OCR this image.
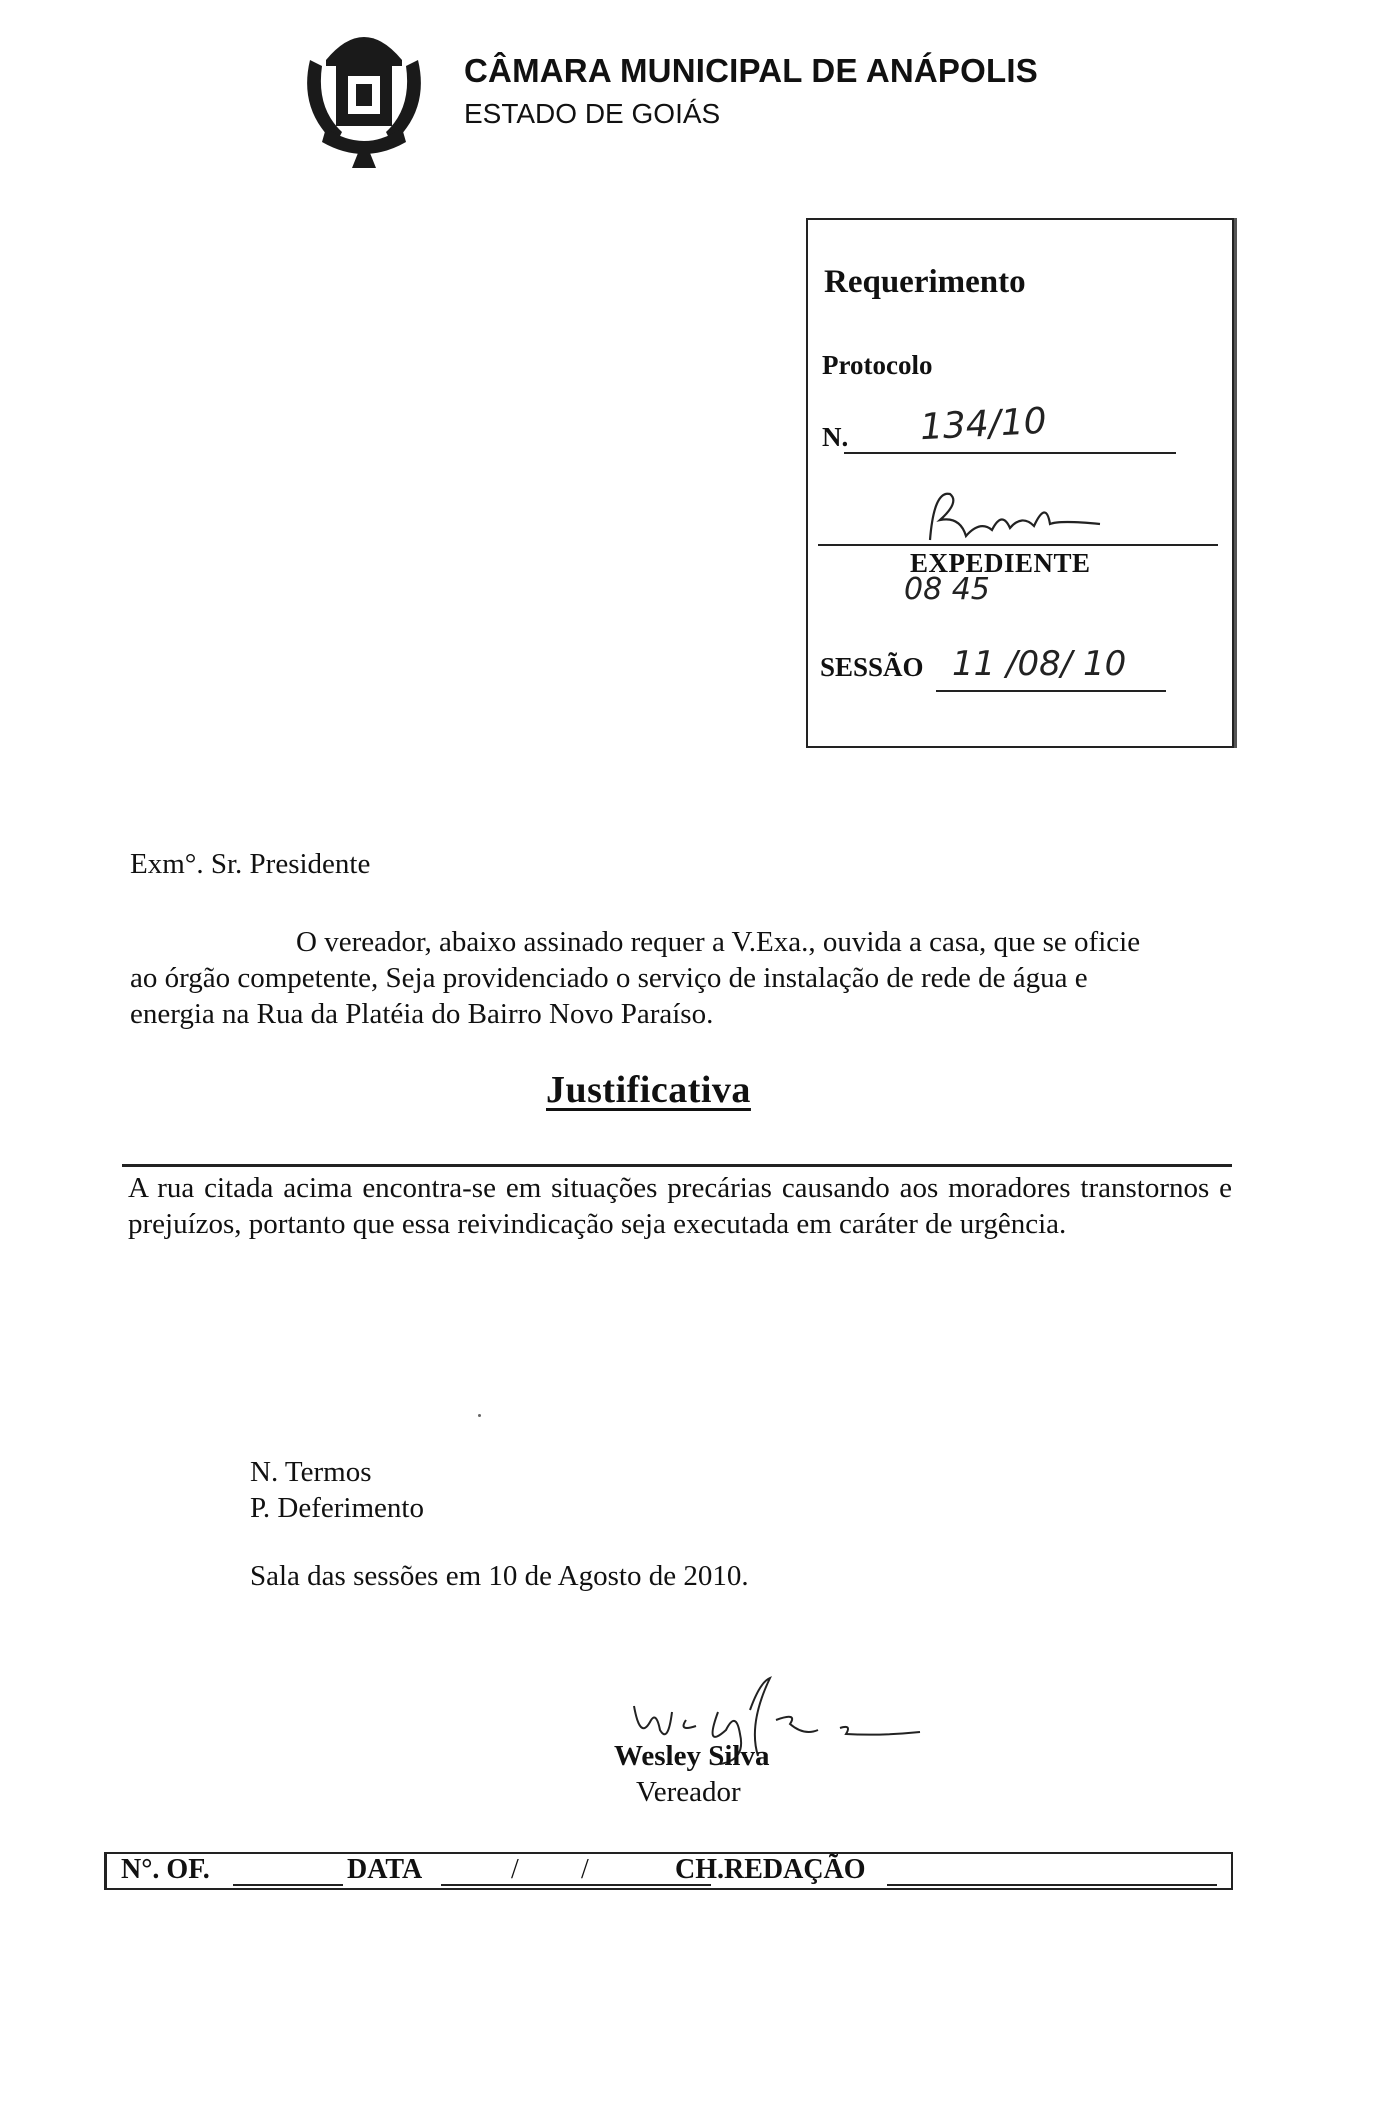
CÂMARA MUNICIPAL DE ANÁPOLIS
ESTADO DE GOIÁS
Requerimento
Protocolo
N. 134/10
EXPEDIENTE
08 45
SESSÃO 11 /08/ 10
Exm°. Sr. Presidente
O vereador, abaixo assinado requer a V.Exa., ouvida a casa, que se oficie
ao órgão competente, Seja providenciado o serviço de instalação de rede de água e energia na Rua da Platéia do Bairro Novo Paraíso.
Justificativa
A rua citada acima encontra-se em situações precárias causando aos moradores transtornos e prejuízos, portanto que essa reivindicação seja executada em caráter de urgência.
N. Termos
P. Deferimento
Sala das sessões em 10 de Agosto de 2010.
Wesley Silva
Vereador
N°. OF.	DATA	/ /	CH.REDAÇÃO
